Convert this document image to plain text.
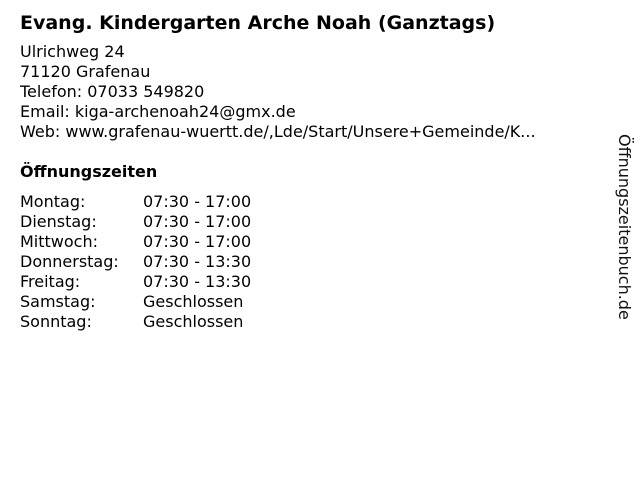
Evang. Kindergarten Arche Noah (Ganztags)
Ulrichweg 24
71120 Grafenau
Telefon: 07033 549820
Email: kiga-archenoah24@gmx.de
Web: www.grafenau-wuertt.de/,Lde/Start/Unsere+Gemeinde/K...
Öffnungszeiten
Montag:	07:30 - 17:00
Dienstag:	07:30 - 17:00
Mittwoch:	07:30 - 17:00
Donnerstag:	07:30 - 13:30
Freitag:	07:30 - 13:30
Samstag:	Geschlossen
Sonntag:	Geschlossen
Öffnungszeitenbuch.de
